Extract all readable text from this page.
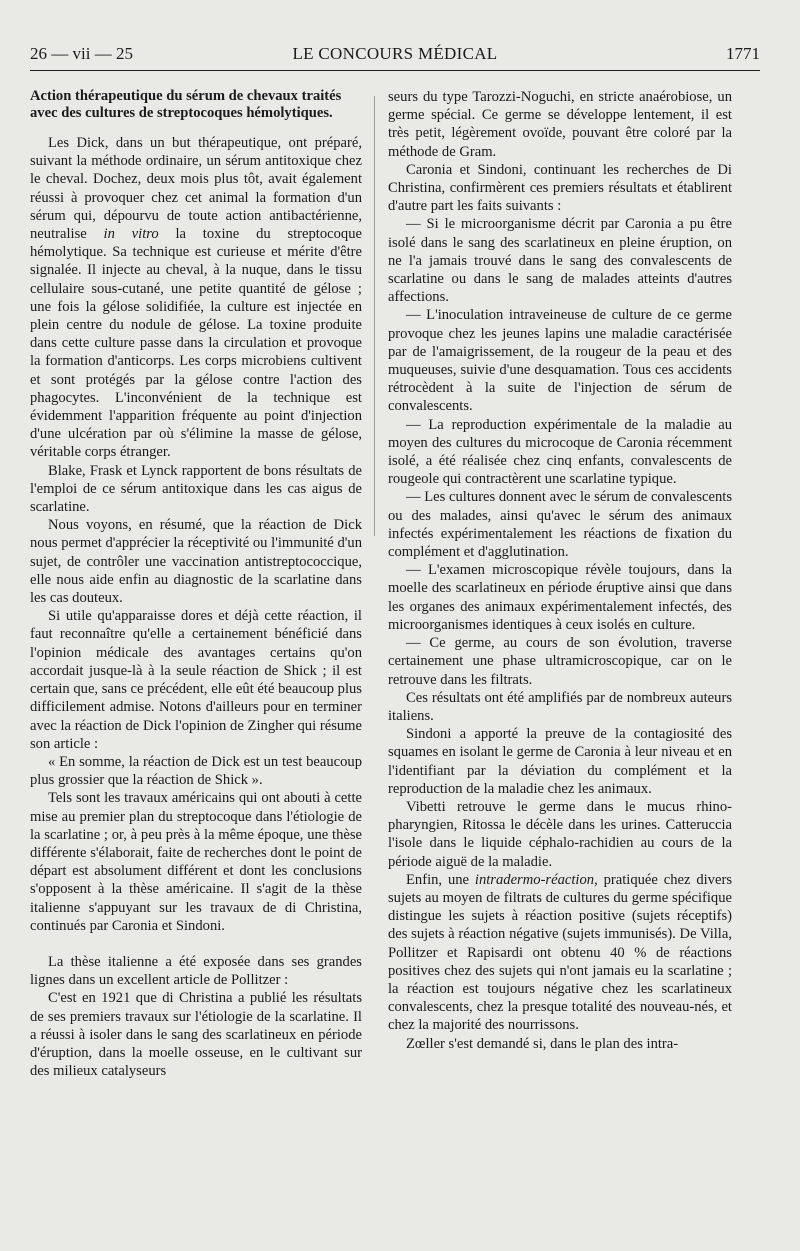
26 — vii — 25	LE CONCOURS MÉDICAL	1771
Action thérapeutique du sérum de chevaux traités avec des cultures de streptocoques hémolytiques.

Les Dick, dans un but thérapeutique, ont préparé, suivant la méthode ordinaire, un sérum antitoxique chez le cheval. Dochez, deux mois plus tôt, avait également réussi à provoquer chez cet animal la formation d'un sérum qui, dépourvu de toute action antibactérienne, neutralise in vitro la toxine du streptocoque hémolytique. Sa technique est curieuse et mérite d'être signalée. Il injecte au cheval, à la nuque, dans le tissu cellulaire sous-cutané, une petite quantité de gélose ; une fois la gélose solidifiée, la culture est injectée en plein centre du nodule de gélose. La toxine produite dans cette culture passe dans la circulation et provoque la formation d'anticorps. Les corps microbiens cultivent et sont protégés par la gélose contre l'action des phagocytes. L'inconvénient de la technique est évidemment l'apparition fréquente au point d'injection d'une ulcération par où s'élimine la masse de gélose, véritable corps étranger.

Blake, Frask et Lynck rapportent de bons résultats de l'emploi de ce sérum antitoxique dans les cas aigus de scarlatine.

Nous voyons, en résumé, que la réaction de Dick nous permet d'apprécier la réceptivité ou l'immunité d'un sujet, de contrôler une vaccination antistreptococcique, elle nous aide enfin au diagnostic de la scarlatine dans les cas douteux.

Si utile qu'apparaisse dores et déjà cette réaction, il faut reconnaître qu'elle a certainement bénéficié dans l'opinion médicale des avantages certains qu'on accordait jusque-là à la seule réaction de Shick ; il est certain que, sans ce précédent, elle eût été beaucoup plus difficilement admise. Notons d'ailleurs pour en terminer avec la réaction de Dick l'opinion de Zingher qui résume son article :

« En somme, la réaction de Dick est un test beaucoup plus grossier que la réaction de Shick ».

Tels sont les travaux américains qui ont abouti à cette mise au premier plan du streptocoque dans l'étiologie de la scarlatine ; or, à peu près à la même époque, une thèse différente s'élaborait, faite de recherches dont le point de départ est absolument différent et dont les conclusions s'opposent à la thèse américaine. Il s'agit de la thèse italienne s'appuyant sur les travaux de di Christina, continués par Caronia et Sindoni.

La thèse italienne a été exposée dans ses grandes lignes dans un excellent article de Pollitzer :

C'est en 1921 que di Christina a publié les résultats de ses premiers travaux sur l'étiologie de la scarlatine. Il a réussi à isoler dans le sang des scarlatineux en période d'éruption, dans la moelle osseuse, en le cultivant sur des milieux catalyseurs

seurs du type Tarozzi-Noguchi, en stricte anaérobiose, un germe spécial. Ce germe se développe lentement, il est très petit, légèrement ovoïde, pouvant être coloré par la méthode de Gram.

Caronia et Sindoni, continuant les recherches de Di Christina, confirmèrent ces premiers résultats et établirent d'autre part les faits suivants :

— Si le microorganisme décrit par Caronia a pu être isolé dans le sang des scarlatineux en pleine éruption, on ne l'a jamais trouvé dans le sang des convalescents de scarlatine ou dans le sang de malades atteints d'autres affections.

— L'inoculation intraveineuse de culture de ce germe provoque chez les jeunes lapins une maladie caractérisée par de l'amaigrissement, de la rougeur de la peau et des muqueuses, suivie d'une desquamation. Tous ces accidents rétrocèdent à la suite de l'injection de sérum de convalescents.

— La reproduction expérimentale de la maladie au moyen des cultures du microcoque de Caronia récemment isolé, a été réalisée chez cinq enfants, convalescents de rougeole qui contractèrent une scarlatine typique.

— Les cultures donnent avec le sérum de convalescents ou des malades, ainsi qu'avec le sérum des animaux infectés expérimentalement les réactions de fixation du complément et d'agglutination.

— L'examen microscopique révèle toujours, dans la moelle des scarlatineux en période éruptive ainsi que dans les organes des animaux expérimentalement infectés, des microorganismes identiques à ceux isolés en culture.

— Ce germe, au cours de son évolution, traverse certainement une phase ultramicroscopique, car on le retrouve dans les filtrats.

Ces résultats ont été amplifiés par de nombreux auteurs italiens.

Sindoni a apporté la preuve de la contagiosité des squames en isolant le germe de Caronia à leur niveau et en l'identifiant par la déviation du complément et la reproduction de la maladie chez les animaux.

Vibetti retrouve le germe dans le mucus rhino-pharyngien, Ritossa le décèle dans les urines. Catteruccia l'isole dans le liquide céphalo-rachidien au cours de la période aiguë de la maladie.

Enfin, une intradermo-réaction, pratiquée chez divers sujets au moyen de filtrats de cultures du germe spécifique distingue les sujets à réaction positive (sujets réceptifs) des sujets à réaction négative (sujets immunisés). De Villa, Pollitzer et Rapisardi ont obtenu 40 % de réactions positives chez des sujets qui n'ont jamais eu la scarlatine ; la réaction est toujours négative chez les scarlatineux convalescents, chez la presque totalité des nouveau-nés, et chez la majorité des nourrissons.

Zœller s'est demandé si, dans le plan des intra-
